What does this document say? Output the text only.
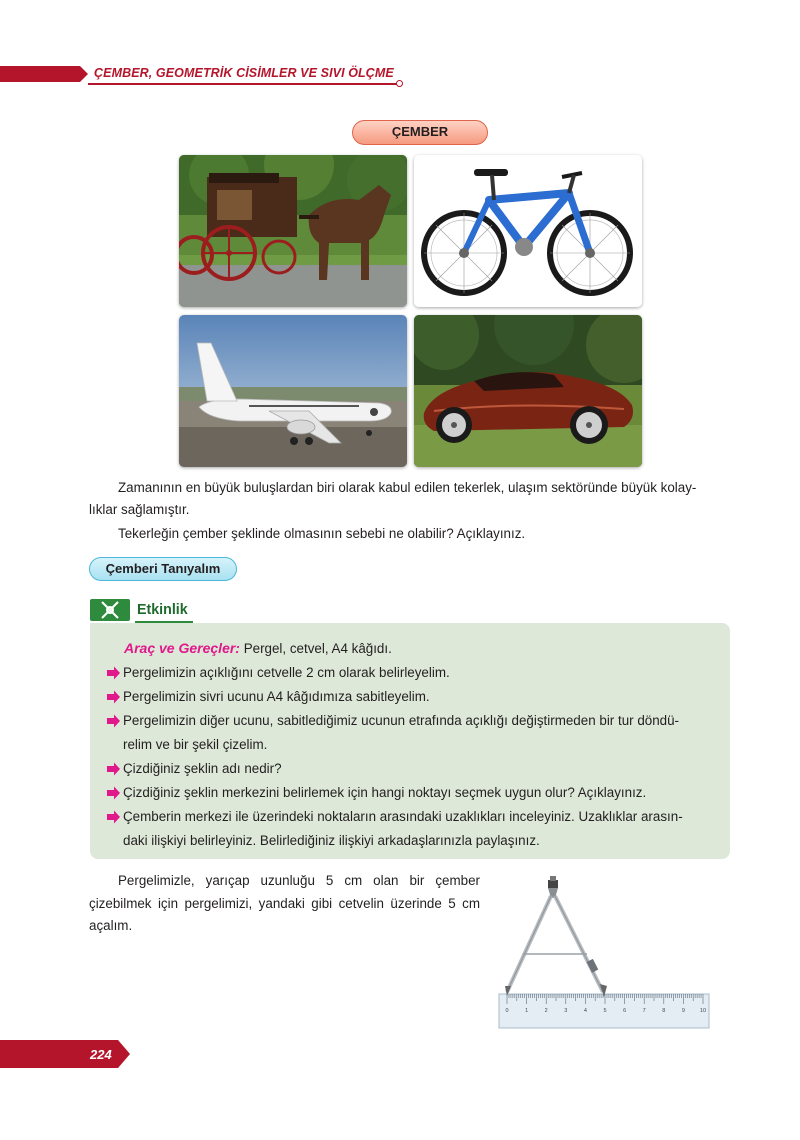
ÇEMBER, GEOMETRİK CİSİMLER VE SIVI ÖLÇME
ÇEMBER
Zamanının en büyük buluşlardan biri olarak kabul edilen tekerlek, ulaşım sektöründe büyük kolay-
lıklar sağlamıştır.
Tekerleğin çember şeklinde olmasının sebebi ne olabilir? Açıklayınız.
Çemberi Tanıyalım
Etkinlik
Araç ve Gereçler: Pergel, cetvel, A4 kâğıdı.
Pergelimizin açıklığını cetvelle 2 cm olarak belirleyelim.
Pergelimizin sivri ucunu A4 kâğıdımıza sabitleyelim.
Pergelimizin diğer ucunu, sabitlediğimiz ucunun etrafında açıklığı değiştirmeden bir tur döndü-
relim ve bir şekil çizelim.
Çizdiğiniz şeklin adı nedir?
Çizdiğiniz şeklin merkezini belirlemek için hangi noktayı seçmek uygun olur? Açıklayınız.
Çemberin merkezi ile üzerindeki noktaların arasındaki uzaklıkları inceleyiniz. Uzaklıklar arasın-
daki ilişkiyi belirleyiniz. Belirlediğiniz ilişkiyi arkadaşlarınızla paylaşınız.
Pergelimizle, yarıçap uzunluğu 5 cm olan bir çember
çizebilmek için pergelimizi, yandaki gibi cetvelin üzerinde 5 cm
açalım.
0	1	2	3	4	5	6	7	8	9	10
224
